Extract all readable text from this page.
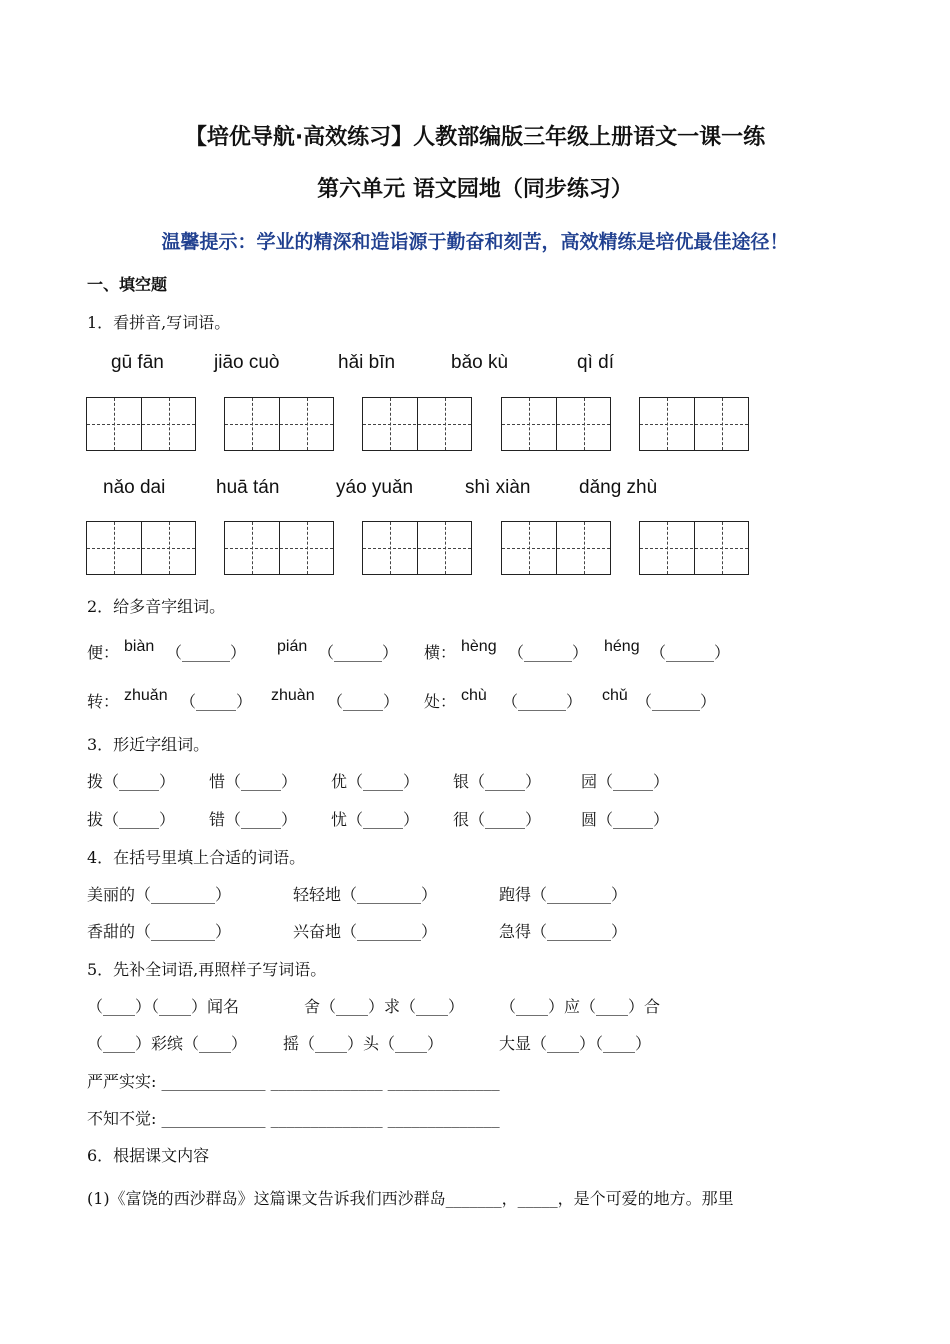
【培优导航·高效练习】人教部编版三年级上册语文一课一练
第六单元 语文园地（同步练习）
温馨提示：学业的精深和造诣源于勤奋和刻苦，高效精练是培优最佳途径！
一、填空题
1．看拼音,写词语。
gū fān	jiāo cuò	hǎi bīn	bǎo kù	qì dí
nǎo dai	huā tán	yáo yuǎn	shì xiàn	dǎng zhù
2．给多音字组词。
便： biàn （______） pián （______） 横： hèng （______） héng （______）
转： zhuǎn （_____） zhuàn （_____） 处： chù （______） chǔ （______）
3．形近字组词。
拨（_____） 惜（_____） 优（_____） 银（_____） 园（_____）
拔（_____） 错（_____） 忧（_____） 很（_____） 圆（_____）
4．在括号里填上合适的词语。
美丽的（________）	轻轻地（________）	跑得（________）
香甜的（________）	兴奋地（________）	急得（________）
5．先补全词语,再照样子写词语。
（____）（____）闻名	舍（____）求（____） （____）应（____）合
（____）彩缤（____） 摇（____）头（____）	大显（____）（____）
严严实实: _____________ ______________ ______________
不知不觉: _____________ ______________ ______________
6．根据课文内容
(1)《富饶的西沙群岛》这篇课文告诉我们西沙群岛_______，_____，是个可爱的地方。那里
